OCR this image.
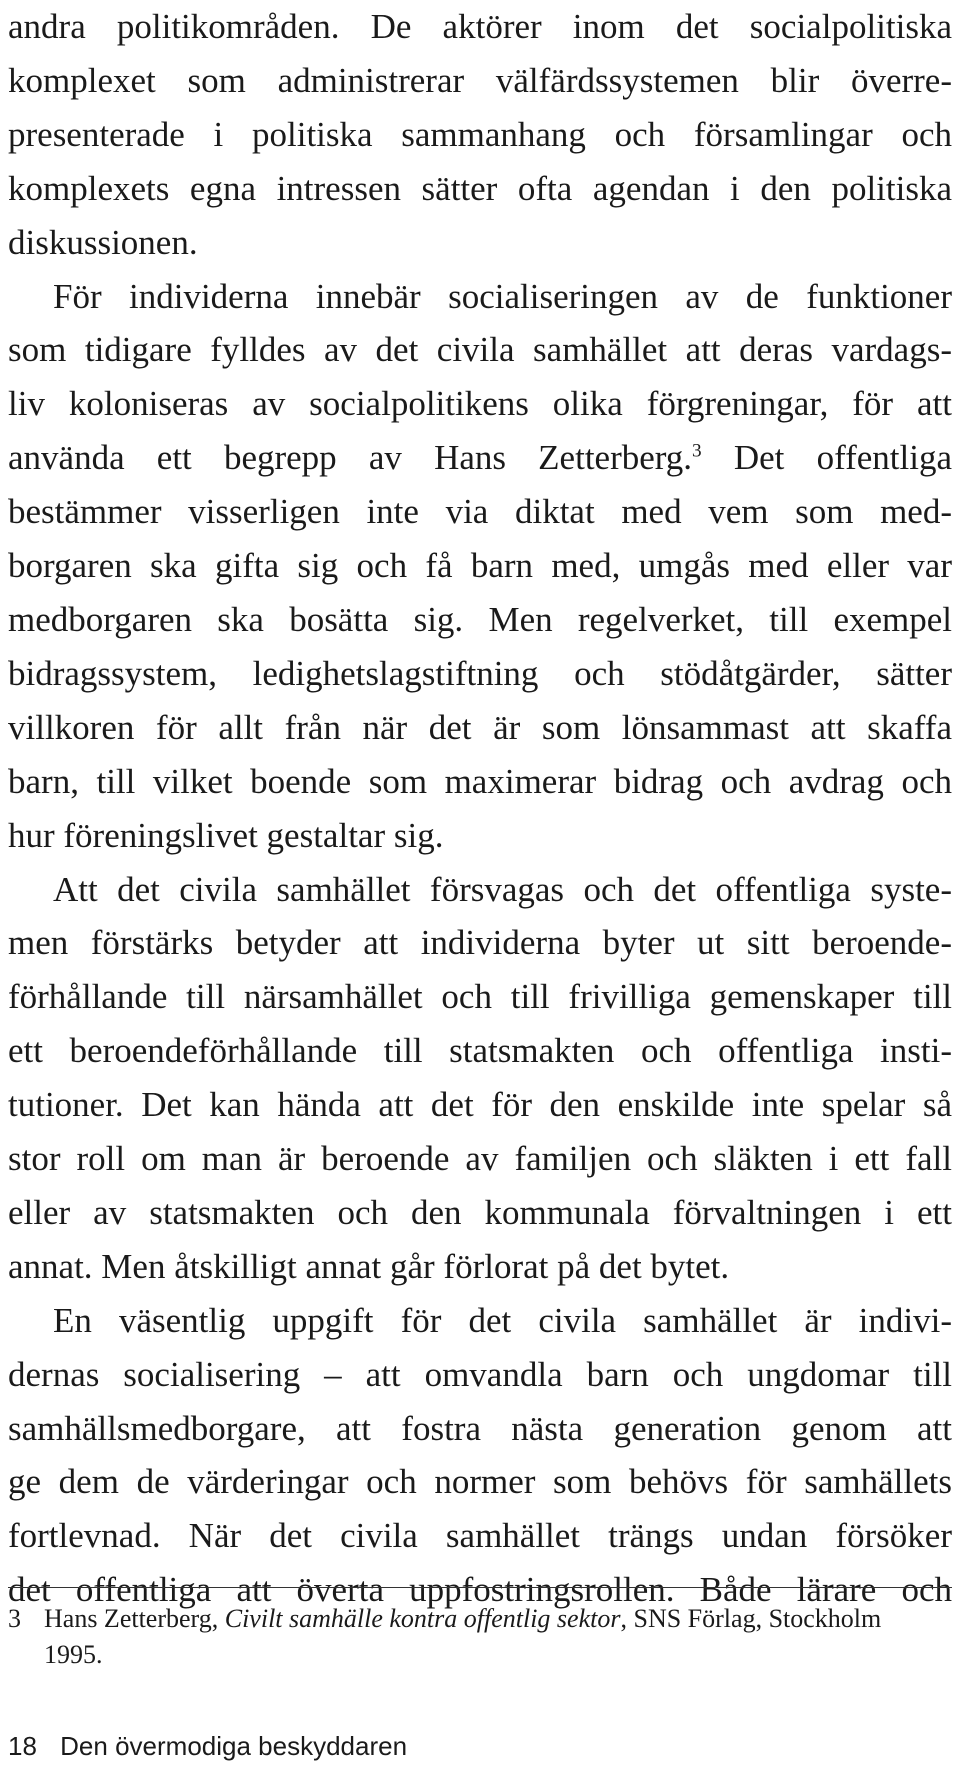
andra politikområden. De aktörer inom det socialpolitiska
komplexet som administrerar välfärdssystemen blir överre-
presenterade i politiska sammanhang och församlingar och
komplexets egna intressen sätter ofta agendan i den politiska
diskussionen.

För individerna innebär socialiseringen av de funktioner
som tidigare fylldes av det civila samhället att deras vardags-
liv koloniseras av socialpolitikens olika förgreningar, för att
använda ett begrepp av Hans Zetterberg.$^3$ Det offentliga
bestämmer visserligen inte via diktat med vem som med-
borgaren ska gifta sig och få barn med, umgås med eller var
medborgaren ska bosätta sig. Men regelverket, till exempel
bidragssystem, ledighetslagstiftning och stödåtgärder, sätter
villkoren för allt från när det är som lönsammast att skaffa
barn, till vilket boende som maximerar bidrag och avdrag och
hur föreningslivet gestaltar sig.

Att det civila samhället försvagas och det offentliga syste-
men förstärks betyder att individerna byter ut sitt beroende-
förhållande till närsamhället och till frivilliga gemenskaper till
ett beroendeförhållande till statsmakten och offentliga insti-
tutioner. Det kan hända att det för den enskilde inte spelar så
stor roll om man är beroende av familjen och släkten i ett fall
eller av statsmakten och den kommunala förvaltningen i ett
annat. Men åtskilligt annat går förlorat på det bytet.

En väsentlig uppgift för det civila samhället är indivi-
dernas socialisering – att omvandla barn och ungdomar till
samhällsmedborgare, att fostra nästa generation genom att
ge dem de värderingar och normer som behövs för samhällets
fortlevnad. När det civila samhället trängs undan försöker
det offentliga att överta uppfostringsrollen. Både lärare och

3 Hans Zetterberg, Civilt samhälle kontra offentlig sektor, SNS Förlag, Stockholm
1995.
18 Den övermodiga beskyddaren
